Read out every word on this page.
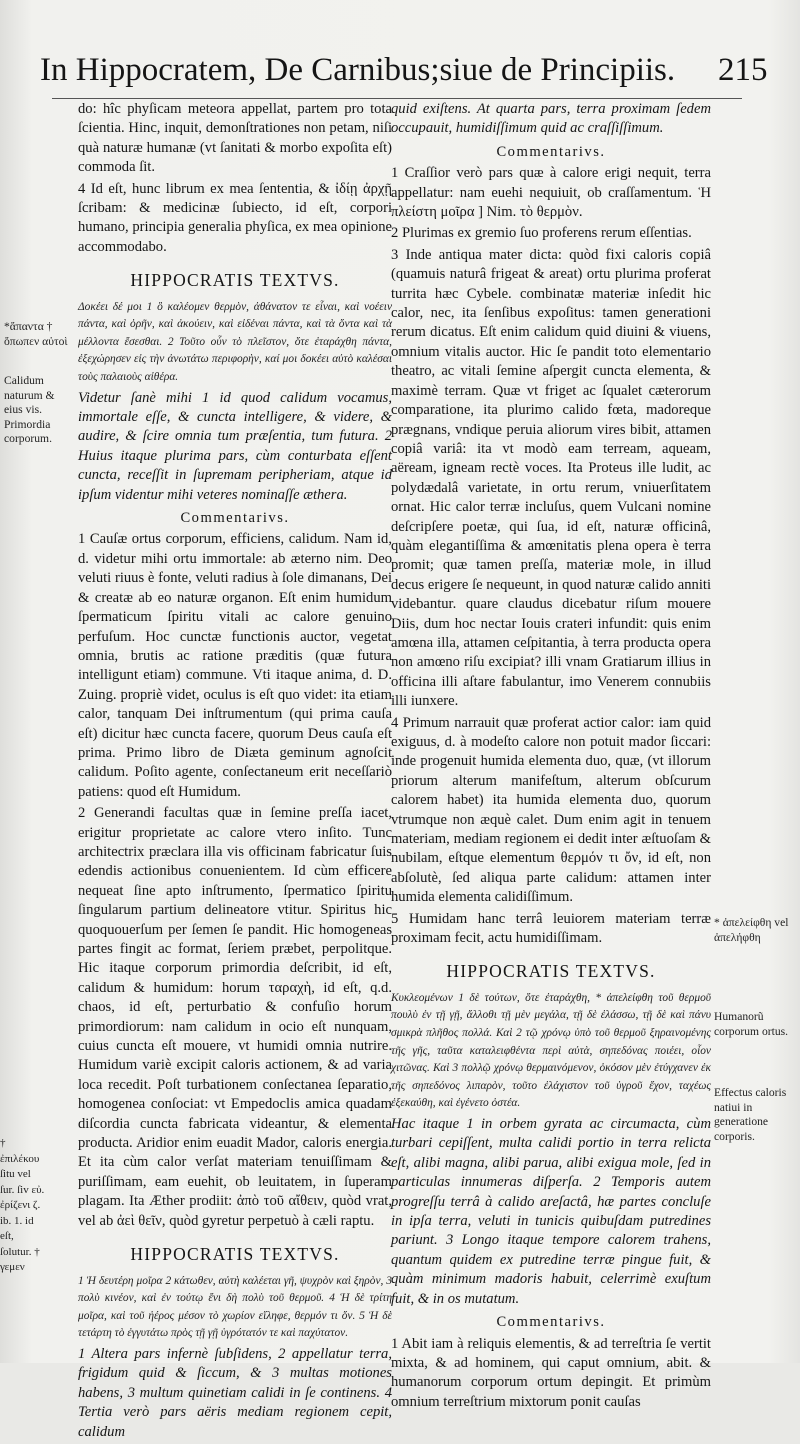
In Hippocratem, De Carnibus;siue de Principiis. 215
*ἄπαντα † ὄπωπεν αὐτοὶ
Calidum naturum & eius vis. Primordia corporum.
† ἐπιλέκου ſitu vel ſur. ſiv εὐ. ἐρίζενι ζ. ib. 1. id eſt, ſolutur. † γεμεν
* ἀπελείφθη vel ἀπελήφθη
Humanorũ corporum ortus.
Effectus caloris natiui in generatione corporis.

do: hîc phyſicam meteora appellat, partem pro tota ſcientia. Hinc, inquit, demonſtrationes non petam, niſi quà naturæ humanæ (vt ſanitati & morbo expoſita eſt) commoda ſit.

4 Id eſt, hunc librum ex mea ſententia, & ἰδίῃ ἀρχῇ ſcribam: & medicinæ ſubiecto, id eſt, corpori humano, principia generalia phyſica, ex mea opinione accommodabo.

HIPPOCRATIS TEXTVS.

Δοκέει δέ μοι 1 ὃ καλέομεν θερμὸν, ἀθάνατον τε εἶναι, καὶ νοέειν πάντα, καὶ ὁρῆν, καὶ ἀκούειν, καὶ εἰδέναι πάντα, καὶ τὰ ὄντα καὶ τὰ μέλλοντα ἔσεσθαι. 2 Τοῦτο οὖν τὸ πλεῖστον, ὅτε ἐταράχθη πάντα, ἐξεχώρησεν εἰς τὴν ἀνωτάτω περιφορὴν, καί μοι δοκέει αὐτὸ καλέσαι τοὺς παλαιοὺς αἰθέρα.

Videtur ſanè mihi 1 id quod calidum vocamus, immortale eſſe, & cuncta intelligere, & videre, & audire, & ſcire omnia tum præſentia, tum futura. 2 Huius itaque plurima pars, cùm conturbata eſſent cuncta, receſſit in ſupremam peripheriam, atque id ipſum videntur mihi veteres nominaſſe æthera.

Commentarivs.

1 Cauſæ ortus corporum, efficiens, calidum. Nam id, d. videtur mihi ortu immortale: ab æterno nim. Deo veluti riuus è fonte, veluti radius à ſole dimanans, Dei & creatæ ab eo naturæ organon. Eſt enim humidum ſpermaticum ſpiritu vitali ac calore genuino perfuſum. Hoc cunctæ functionis auctor, vegetat omnia, brutis ac ratione præditis (quæ futura intelligunt etiam) commune. Vti itaque anima, d. D. Zuing. propriè videt, oculus is eſt quo videt: ita etiam calor, tanquam Dei inſtrumentum (qui prima cauſa eſt) dicitur hæc cuncta facere, quorum Deus cauſa eſt prima. Primo libro de Diæta geminum agnoſcit calidum. Poſito agente, conſectaneum erit neceſſariò patiens: quod eſt Humidum.

2 Generandi facultas quæ in ſemine preſſa iacet, erigitur proprietate ac calore vtero inſito. Tunc architectrix præclara illa vis officinam fabricatur ſuis edendis actionibus conuenientem. Id cùm efficere nequeat ſine apto inſtrumento, ſpermatico ſpiritu ſingularum partium delineatore vtitur. Spiritus hic quoquouerſum per ſemen ſe pandit. Hic homogeneas partes fingit ac format, ſeriem præbet, perpolitque. Hic itaque corporum primordia deſcribit, id eſt, calidum & humidum: horum ταραχὴ, id eſt, q.d. chaos, id eſt, perturbatio & confuſio horum primordiorum: nam calidum in ocio eſt nunquam, cuius cuncta eſt mouere, vt humidi omnia nutrire. Humidum variè excipit caloris actionem, & ad varia loca recedit. Poſt turbationem conſectanea ſeparatio, homogenea conſociat: vt Empedoclis amica quadam diſcordia cuncta fabricata videantur, & elementa producta. Aridior enim euadit Mador, caloris energia. Et ita cùm calor verſat materiam tenuiſſimam & puriſſimam, eam euehit, ob leuitatem, in ſuperam plagam. Ita Æther prodiit: ἀπὸ τοῦ αἴθειν, quòd vrat, vel ab ἀεὶ θεῖν, quòd gyretur perpetuò à cæli raptu.

HIPPOCRATIS TEXTVS.

1 Ἡ δευτέρη μοῖρα 2 κάτωθεν, αὐτὴ καλέεται γῆ, ψυχρὸν καὶ ξηρὸν, 3 πολὺ κινέον, καὶ ἐν τούτῳ ἔνι δὴ πολὺ τοῦ θερμοῦ. 4 Ἡ δὲ τρίτη μοῖρα, καὶ τοῦ ἠέρος μέσον τὸ χωρίον εἴληφε, θερμόν τι ὄν. 5 Ἡ δὲ τετάρτη τὸ ἐγγυτάτω πρὸς τῇ γῇ ὑγρότατόν τε καὶ παχύτατον.

1 Altera pars infernè ſubſidens, 2 appellatur terra, frigidum quid & ſiccum, & 3 multas motiones habens, 3 multum quinetiam calidi in ſe continens. 4 Tertia verò pars aëris mediam regionem cepit, calidum

quid exiſtens. At quarta pars, terra proximam ſedem occupauit, humidiſſimum quid ac craſſiſſimum.

Commentarivs.

1 Craſſior verò pars quæ à calore erigi nequit, terra appellatur: nam euehi nequiuit, ob craſſamentum. Ἡ πλείστη μοῖρα ] Nim. τὸ θερμὸν.

2 Plurimas ex gremio ſuo proferens rerum eſſentias.

3 Inde antiqua mater dicta: quòd fixi caloris copiâ (quamuis naturâ frigeat & areat) ortu plurima proferat turrita hæc Cybele. combinatæ materiæ inſedit hic calor, nec, ita ſenſibus expoſitus: tamen generationi rerum dicatus. Eſt enim calidum quid diuini & viuens, omnium vitalis auctor. Hic ſe pandit toto elementario theatro, ac vitali ſemine aſpergit cuncta elementa, & maximè terram. Quæ vt friget ac ſqualet cæterorum comparatione, ita plurimo calido fœta, madoreque prægnans, vndique peruia aliorum vires bibit, attamen copiâ variâ: ita vt modò eam terream, aqueam, aëream, igneam rectè voces. Ita Proteus ille ludit, ac polydædalâ varietate, in ortu rerum, vniuerſitatem ornat. Hic calor terræ incluſus, quem Vulcani nomine deſcripſere poetæ, qui ſua, id eſt, naturæ officinâ, quàm elegantiſſima & amœnitatis plena opera è terra promit; quæ tamen preſſa, materiæ mole, in illud decus erigere ſe nequeunt, in quod naturæ calido anniti videbantur. quare claudus dicebatur riſum mouere Diis, dum hoc nectar Iouis crateri infundit: quis enim amœna illa, attamen ceſpitantia, à terra producta opera non amœno riſu excipiat? illi vnam Gratiarum illius in officina illi aſtare fabulantur, imo Venerem connubiis illi iunxere.

4 Primum narrauit quæ proferat actior calor: iam quid exiguus, d. à modeſto calore non potuit mador ſiccari: inde progenuit humida elementa duo, quæ, (vt illorum priorum alterum manifeſtum, alterum obſcurum calorem habet) ita humida elementa duo, quorum vtrumque non æquè calet. Dum enim agit in tenuem materiam, mediam regionem ei dedit inter æſtuoſam & nubilam, eſtque elementum θερμόν τι ὄν, id eſt, non abſolutè, ſed aliqua parte calidum: attamen inter humida elementa calidiſſimum.

5 Humidam hanc terrâ leuiorem materiam terræ proximam fecit, actu humidiſſimam.

HIPPOCRATIS TEXTVS.

Κυκλεομένων 1 δὲ τούτων, ὅτε ἐταράχθη, * ἀπελείφθη τοῦ θερμοῦ πουλὺ ἐν τῇ γῇ, ἄλλοθι τῇ μὲν μεγάλα, τῇ δὲ ἐλάσσω, τῇ δὲ καὶ πάνυ σμικρὰ πλῆθος πολλά. Καὶ 2 τῷ χρόνῳ ὑπὸ τοῦ θερμοῦ ξηραινομένης τῆς γῆς, ταῦτα καταλειφθέντα περὶ αὐτὰ, σηπεδόνας ποιέει, οἷον χιτῶνας. Καὶ 3 πολλῷ χρόνῳ θερμαινόμενον, ὁκόσον μὲν ἐτύγχανεν ἐκ τῆς σηπεδόνος λιπαρὸν, τοῦτο ἐλάχιστον τοῦ ὑγροῦ ἔχον, ταχέως ἐξεκαύθη, καὶ ἐγένετο ὀστέα.

Hac itaque 1 in orbem gyrata ac circumacta, cùm turbari cepiſſent, multa calidi portio in terra relicta eſt, alibi magna, alibi parua, alibi exigua mole, ſed in particulas innumeras diſperſa. 2 Temporis autem progreſſu terrâ à calido areſactâ, hæ partes concluſe in ipſa terra, veluti in tunicis quibuſdam putredines pariunt. 3 Longo itaque tempore calorem trahens, quantum quidem ex putredine terræ pingue fuit, & quàm minimum madoris habuit, celerrimè exuſtum fuit, & in os mutatum.

Commentarivs.

1 Abit iam à reliquis elementis, & ad terreſtria ſe vertit mixta, & ad hominem, qui caput omnium, abit. & humanorum corporum ortum depingit. Et primùm omnium terreſtrium mixtorum ponit cauſas
